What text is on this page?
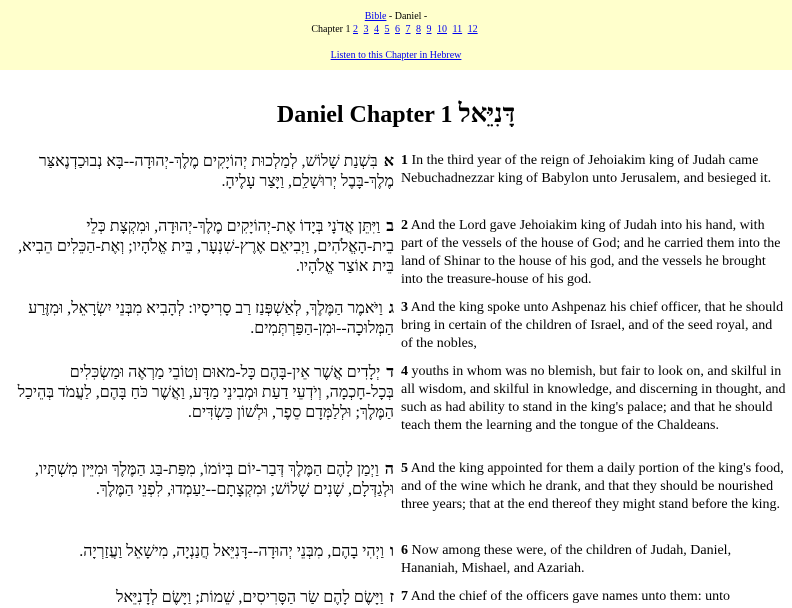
Bible - Daniel -
Chapter 1 2 3 4 5 6 7 8 9 10 11 12
Listen to this Chapter in Hebrew
Daniel Chapter 1 דָּנִיֵּאל
אבִּשְׁנַת שָׁלוֹשׁ, לְמַלְכוּת יְהוֹיָקִים מֶלֶךְ-יְהוּדָה--בָּא נְבוּכַדְנֶאצַּר מֶלֶךְ-בָּבֶל יְרוּשָׁלִַם, וַיָּצַר עָלֶיהָ.
1 In the third year of the reign of Jehoiakim king of Judah came Nebuchadnezzar king of Babylon unto Jerusalem, and besieged it.
בוַיִּתֵּן אֲדֹנָי בְּיָדוֹ אֶת-יְהוֹיָקִים מֶלֶךְ-יְהוּדָה, וּמִקְצָת כְּלֵי בֵית-הָאֱלֹהִים, וַיְבִיאֵם אֶרֶץ-שִׁנְעָר, בֵּית אֱלֹהָיו; וְאֶת-הַכֵּלִים הֵבִיא, בֵּית אוֹצַר אֱלֹהָיו.
2 And the Lord gave Jehoiakim king of Judah into his hand, with part of the vessels of the house of God; and he carried them into the land of Shinar to the house of his god, and the vessels he brought into the treasure-house of his god.
גוַיֹּאמֶר הַמֶּלֶךְ, לְאַשְׁפְּנַז רַב סָרִיסָיו: לְהָבִיא מִבְּנֵי יִשְׂרָאֵל, וּמִזֶּרַע הַמְּלוּכָה--וּמִן-הַפַּרְתְּמִים.
3 And the king spoke unto Ashpenaz his chief officer, that he should bring in certain of the children of Israel, and of the seed royal, and of the nobles,
דיְלָדִים אֲשֶׁר אֵין-בָּהֶם כָּל-מאוּם וְטוֹבֵי מַרְאֶה וּמַשְׂכִּלִים בְּכָל-חָכְמָה, וְיֹדְעֵי דַעַת וּמְבִינֵי מַדָּע, וַאֲשֶׁר כֹּחַ בָּהֶם, לַעֲמֹד בְּהֵיכַל הַמֶּלֶךְ; וּלְלַמְּדָם סֵפֶר, וּלְשׁוֹן כַּשְׂדִּים.
4 youths in whom was no blemish, but fair to look on, and skilful in all wisdom, and skilful in knowledge, and discerning in thought, and such as had ability to stand in the king's palace; and that he should teach them the learning and the tongue of the Chaldeans.
הוַיְמַן לָהֶם הַמֶּלֶךְ דְּבַר-יוֹם בְּיוֹמוֹ, מִפַּת-בַּג הַמֶּלֶךְ וּמִיֵּין מִשְׁתָּיו, וּלְגַדְּלָם, שָׁנִים שָׁלוֹשׁ; וּמִקְצָתָם--יַעַמְדוּ, לִפְנֵי הַמֶּלֶךְ.
5 And the king appointed for them a daily portion of the king's food, and of the wine which he drank, and that they should be nourished three years; that at the end thereof they might stand before the king.
ווַיְהִי בָהֶם, מִבְּנֵי יְהוּדָה--דָּנִיֵּאל חֲנַנְיָה, מִישָׁאֵל וַעֲזַרְיָה.	6 Now among these were, of the children of Judah, Daniel, Hananiah, Mishael, and Azariah.
זוַיָּשֶׂם לָהֶם שַׂר הַסָּרִיסִים, שֵׁמוֹת; וַיָּשֶׂם לְדָנִיֵּאל	7 And the chief of the officers gave names unto them: unto
